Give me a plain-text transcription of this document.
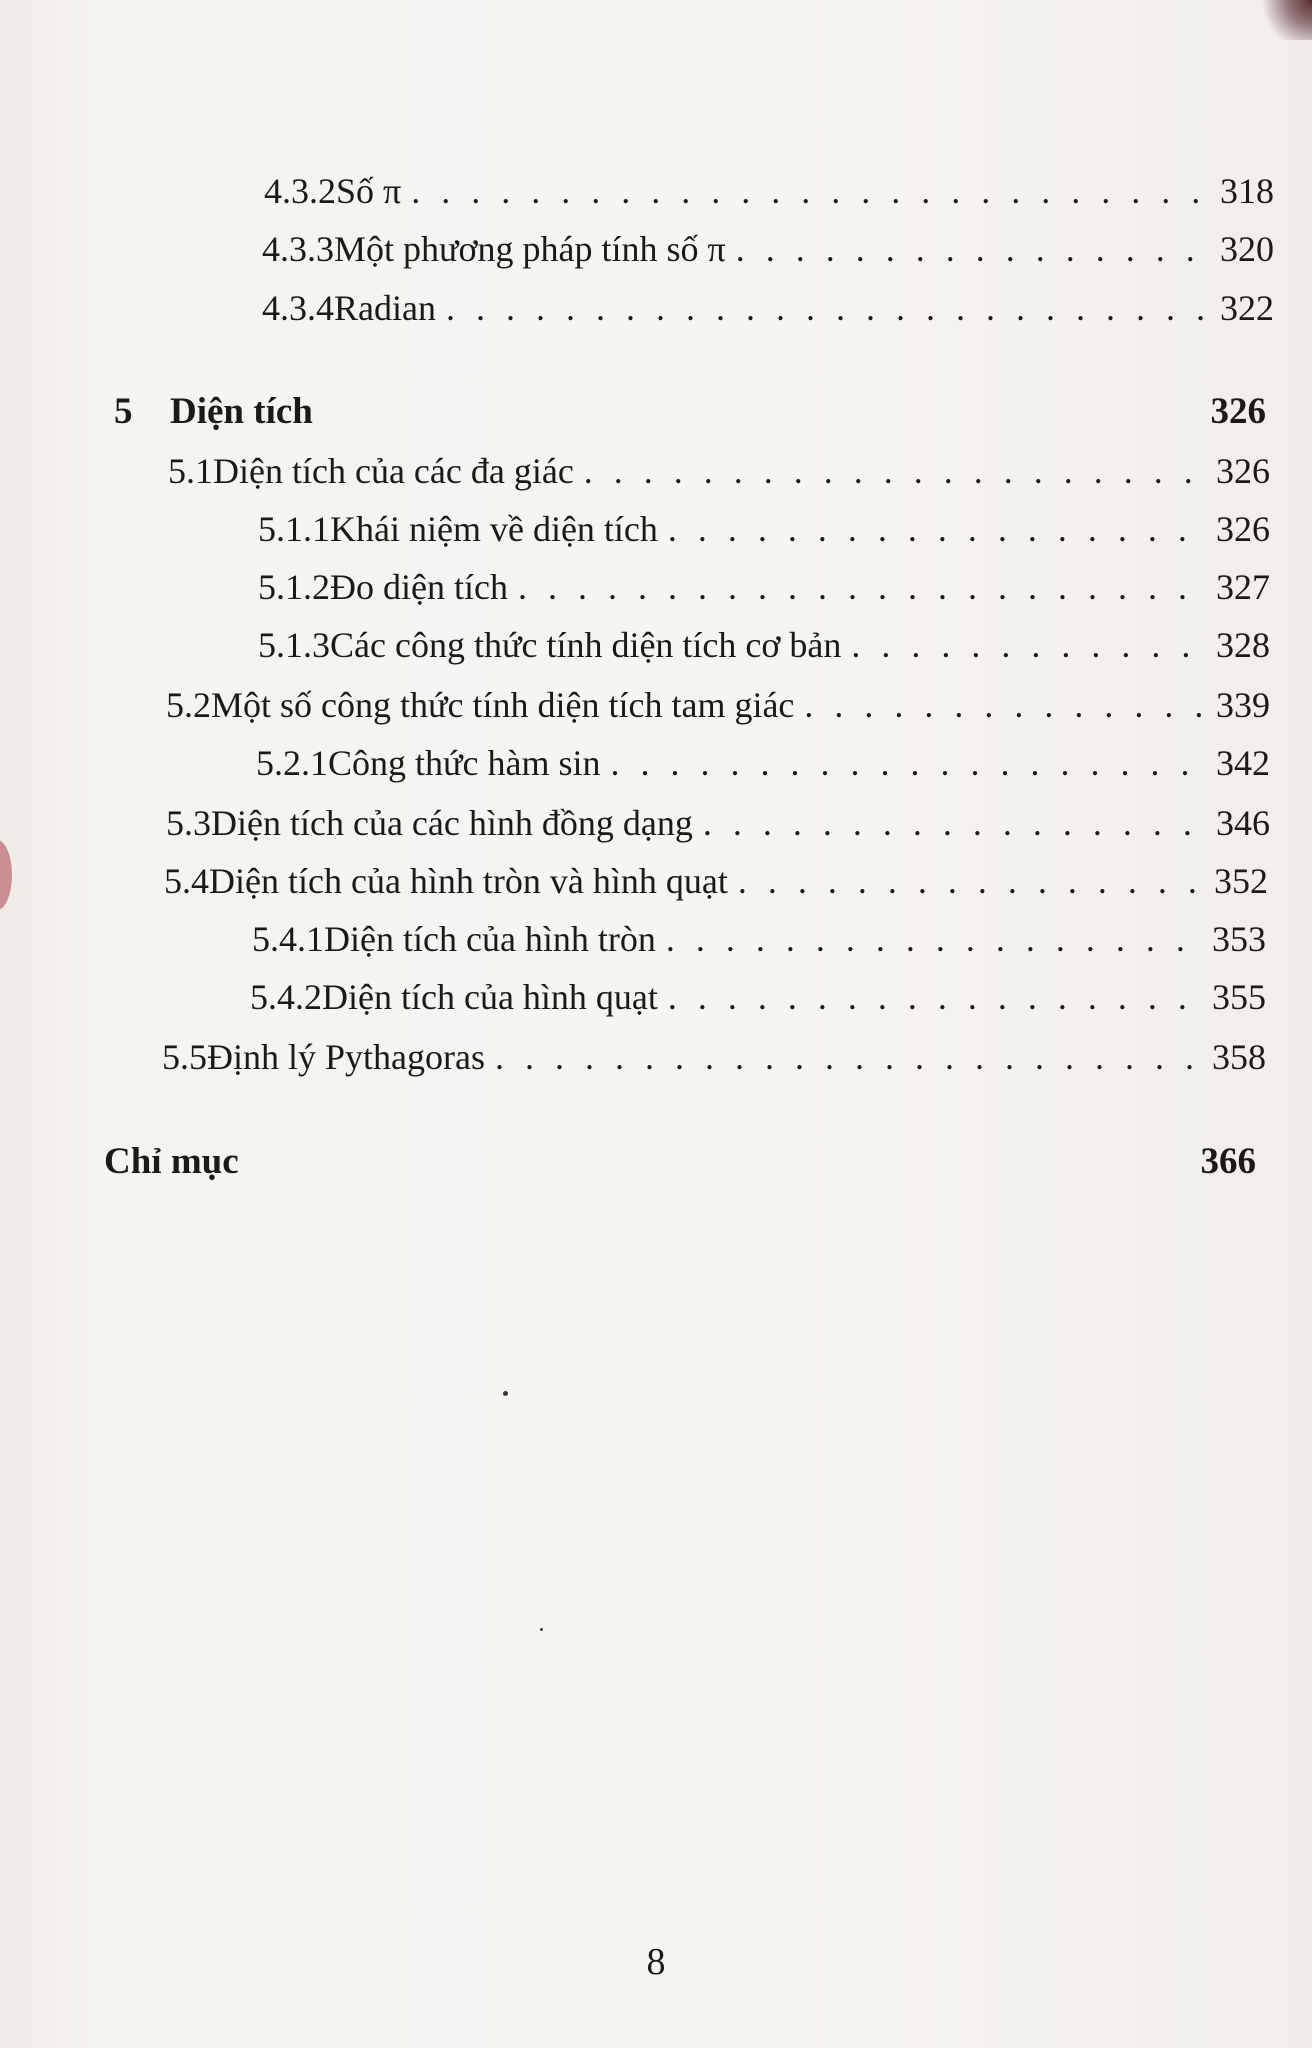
4.3.2 Số π . . .	318
4.3.3 Một phương pháp tính số π . . .	320
4.3.4 Radian . . .	322
5	Diện tích	326
5.1 Diện tích của các đa giác . . .	326
5.1.1 Khái niệm về diện tích . . .	326
5.1.2 Đo diện tích . . .	327
5.1.3 Các công thức tính diện tích cơ bản . . .	328
5.2 Một số công thức tính diện tích tam giác . . .	339
5.2.1 Công thức hàm sin . . .	342
5.3 Diện tích của các hình đồng dạng . . .	346
5.4 Diện tích của hình tròn và hình quạt . . .	352
5.4.1 Diện tích của hình tròn . . .	353
5.4.2 Diện tích của hình quạt . . .	355
5.5 Định lý Pythagoras . . .	358
Chỉ mục	366
8
